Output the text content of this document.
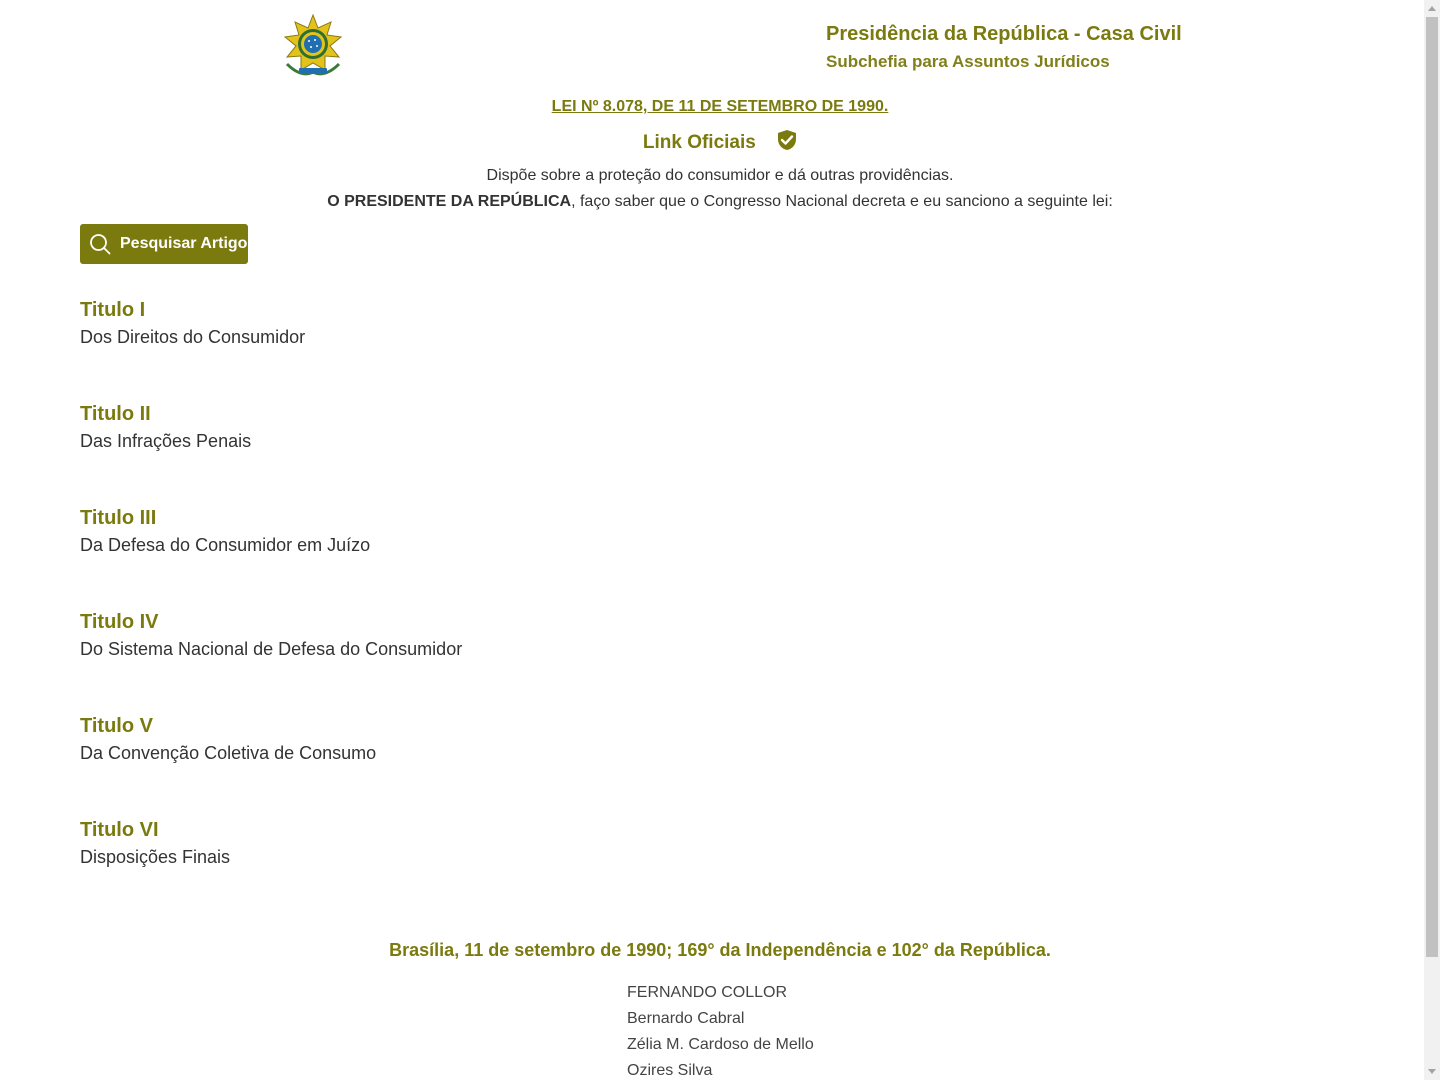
Presidência da República - Casa Civil
Subchefia para Assuntos Jurídicos
LEI Nº 8.078, DE 11 DE SETEMBRO DE 1990.
Link Oficiais
Dispõe sobre a proteção do consumidor e dá outras providências.
O PRESIDENTE DA REPÚBLICA, faço saber que o Congresso Nacional decreta e eu sanciono a seguinte lei:
Pesquisar Artigo
Titulo I
Dos Direitos do Consumidor
Titulo II
Das Infrações Penais
Titulo III
Da Defesa do Consumidor em Juízo
Titulo IV
Do Sistema Nacional de Defesa do Consumidor
Titulo V
Da Convenção Coletiva de Consumo
Titulo VI
Disposições Finais
Brasília, 11 de setembro de 1990; 169° da Independência e 102° da República.
FERNANDO COLLOR
Bernardo Cabral
Zélia M. Cardoso de Mello
Ozires Silva
